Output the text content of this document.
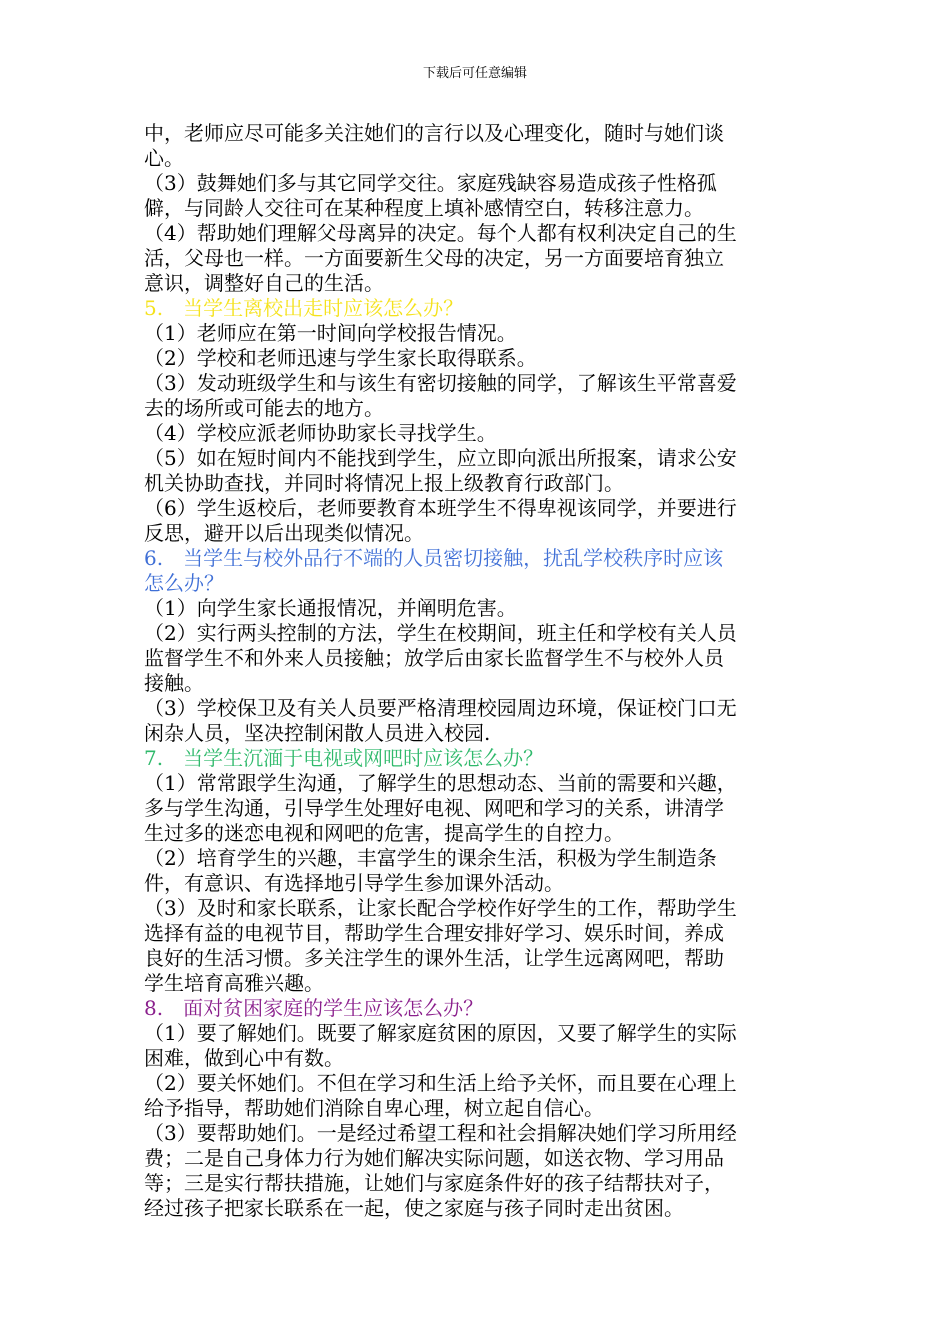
下载后可任意编辑
中，老师应尽可能多关注她们的言行以及心理变化，随时与她们谈
心。
（3）鼓舞她们多与其它同学交往。家庭残缺容易造成孩子性格孤
僻，与同龄人交往可在某种程度上填补感情空白，转移注意力。
（4）帮助她们理解父母离异的决定。每个人都有权利决定自己的生
活，父母也一样。一方面要新生父母的决定，另一方面要培育独立
意识，调整好自己的生活。
5.　当学生离校出走时应该怎么办？
（1）老师应在第一时间向学校报告情况。
（2）学校和老师迅速与学生家长取得联系。
（3）发动班级学生和与该生有密切接触的同学，了解该生平常喜爱
去的场所或可能去的地方。
（4）学校应派老师协助家长寻找学生。
（5）如在短时间内不能找到学生，应立即向派出所报案，请求公安
机关协助查找，并同时将情况上报上级教育行政部门。
（6）学生返校后，老师要教育本班学生不得卑视该同学，并要进行
反思，避开以后出现类似情况。
6.　当学生与校外品行不端的人员密切接触，扰乱学校秩序时应该
怎么办？
（1）向学生家长通报情况，并阐明危害。
（2）实行两头控制的方法，学生在校期间，班主任和学校有关人员
监督学生不和外来人员接触；放学后由家长监督学生不与校外人员
接触。
（3）学校保卫及有关人员要严格清理校园周边环境，保证校门口无
闲杂人员，坚决控制闲散人员进入校园.
7.　当学生沉湎于电视或网吧时应该怎么办？
（1）常常跟学生沟通，了解学生的思想动态、当前的需要和兴趣，
多与学生沟通，引导学生处理好电视、网吧和学习的关系，讲清学
生过多的迷恋电视和网吧的危害，提高学生的自控力。
（2）培育学生的兴趣，丰富学生的课余生活，积极为学生制造条
件，有意识、有选择地引导学生参加课外活动。
（3）及时和家长联系，让家长配合学校作好学生的工作，帮助学生
选择有益的电视节目，帮助学生合理安排好学习、娱乐时间，养成
良好的生活习惯。多关注学生的课外生活，让学生远离网吧，帮助
学生培育高雅兴趣。
8.　面对贫困家庭的学生应该怎么办？
（1）要了解她们。既要了解家庭贫困的原因，又要了解学生的实际
困难，做到心中有数。
（2）要关怀她们。不但在学习和生活上给予关怀，而且要在心理上
给予指导，帮助她们消除自卑心理，树立起自信心。
（3）要帮助她们。一是经过希望工程和社会捐解决她们学习所用经
费；二是自己身体力行为她们解决实际问题，如送衣物、学习用品
等；三是实行帮扶措施，让她们与家庭条件好的孩子结帮扶对子，
经过孩子把家长联系在一起，使之家庭与孩子同时走出贫困。
